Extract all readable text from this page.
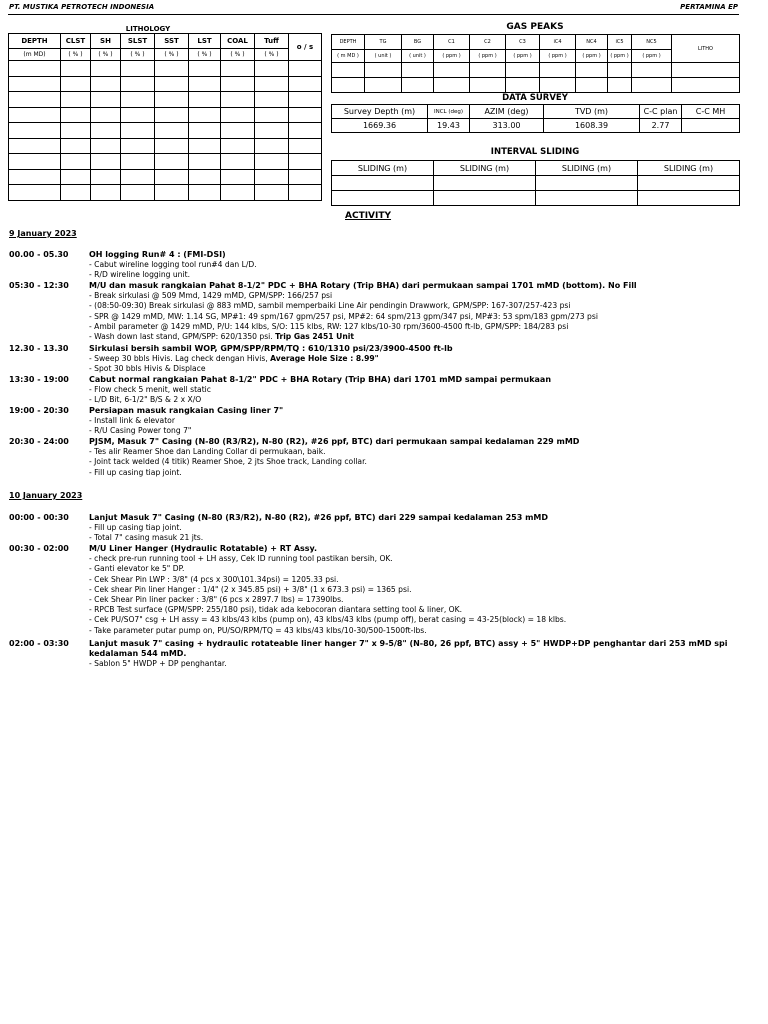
PT. MUSTIKA PETROTECH INDONESIA	PERTAMINA EP
LITHOLOGY
DEPTH	CLST	SH	SLST	SST	LST	COAL	Tuff	o / s
(m MD)	( % )	( % )	( % )	( % )	( % )	( % )	( % )	

GAS PEAKS
DEPTH	TG	BG	C1	C2	C3	iC4	NC4	iC5	NC5	LITHO
( m MD )	( unit )	( unit )	( ppm )	( ppm )	( ppm )	( ppm )	( ppm )	( ppm )	( ppm )	

DATA SURVEY
Survey Depth (m)	INCL (deg)	AZIM (deg)	TVD (m)	C-C plan	C-C MH
1669.36	19.43	313.00	1608.39	2.77	
INTERVAL SLIDING
SLIDING (m)	SLIDING (m)	SLIDING (m)	SLIDING (m)

ACTIVITY
9 January 2023
00.00 - 05.30	OH logging Run# 4 : (FMI-DSI)
- Cabut wireline logging tool run#4 dan L/D.
- R/D wireline logging unit.
05:30 - 12:30	M/U dan masuk rangkaian Pahat 8-1/2" PDC + BHA Rotary (Trip BHA) dari permukaan sampai 1701 mMD (bottom). No Fill
- Break sirkulasi @ 509 Mmd, 1429 mMD, GPM/SPP: 166/257 psi
- (08:50-09:30) Break sirkulasi @ 883 mMD, sambil memperbaiki Line Air pendingin Drawwork, GPM/SPP: 167-307/257-423 psi
- SPR @ 1429 mMD, MW: 1.14 SG, MP#1: 49 spm/167 gpm/257 psi, MP#2: 64 spm/213 gpm/347 psi, MP#3: 53 spm/183 gpm/273 psi
- Ambil parameter @ 1429 mMD, P/U: 144 klbs, S/O: 115 klbs, RW: 127 klbs/10-30 rpm/3600-4500 ft-lb, GPM/SPP: 184/283 psi
- Wash down last stand, GPM/SPP: 620/1350 psi. Trip Gas 2451 Unit
12.30 - 13.30	Sirkulasi bersih sambil WOP, GPM/SPP/RPM/TQ : 610/1310 psi/23/3900-4500 ft-lb
- Sweep 30 bbls Hivis. Lag check dengan Hivis, Average Hole Size : 8.99"
- Spot 30 bbls Hivis & Displace
13:30 - 19:00	Cabut normal rangkaian Pahat 8-1/2" PDC + BHA Rotary (Trip BHA) dari 1701 mMD sampai permukaan
- Flow check 5 menit, well static
- L/D Bit, 6-1/2" B/S & 2 x X/O
19:00 - 20:30	Persiapan masuk rangkaian Casing liner 7"
- Install link & elevator
- R/U Casing Power tong 7"
20:30 - 24:00	PJSM, Masuk 7" Casing (N-80 (R3/R2), N-80 (R2), #26 ppf, BTC) dari permukaan sampai kedalaman 229 mMD
- Tes alir Reamer Shoe dan Landing Collar di permukaan, baik.
- Joint tack welded (4 titik) Reamer Shoe, 2 jts Shoe track, Landing collar.
- Fill up casing tiap joint.
10 January 2023
00:00 - 00:30	Lanjut Masuk 7" Casing (N-80 (R3/R2), N-80 (R2), #26 ppf, BTC) dari 229 sampai kedalaman 253 mMD
- Fill up casing tiap joint.
- Total 7" casing masuk 21 jts.
00:30 - 02:00	M/U Liner Hanger (Hydraulic Rotatable) + RT Assy.
- check pre-run running tool + LH assy, Cek ID running tool pastikan bersih, OK.
- Ganti elevator ke 5" DP.
- Cek Shear Pin LWP : 3/8" (4 pcs x 300\101.34psi) = 1205.33 psi.
- Cek shear Pin liner Hanger : 1/4" (2 x 345.85 psi) + 3/8" (1 x 673.3 psi) = 1365 psi.
- Cek Shear Pin liner packer : 3/8" (6 pcs x 2897.7 lbs) = 17390lbs.
- RPCB Test surface (GPM/SPP: 255/180 psi), tidak ada kebocoran diantara setting tool & liner, OK.
- Cek PU/SO7" csg + LH assy = 43 klbs/43 klbs (pump on), 43 klbs/43 klbs (pump off), berat casing = 43-25(block) = 18 klbs.
- Take parameter putar pump on, PU/SO/RPM/TQ = 43 klbs/43 klbs/10-30/500-1500ft-lbs.
02:00 - 03:30	Lanjut masuk 7" casing + hydraulic rotateable liner hanger 7" x 9-5/8" (N-80, 26 ppf, BTC) assy + 5" HWDP+DP penghantar dari 253 mMD spi kedalaman 544 mMD.
- Sablon 5" HWDP + DP penghantar.
